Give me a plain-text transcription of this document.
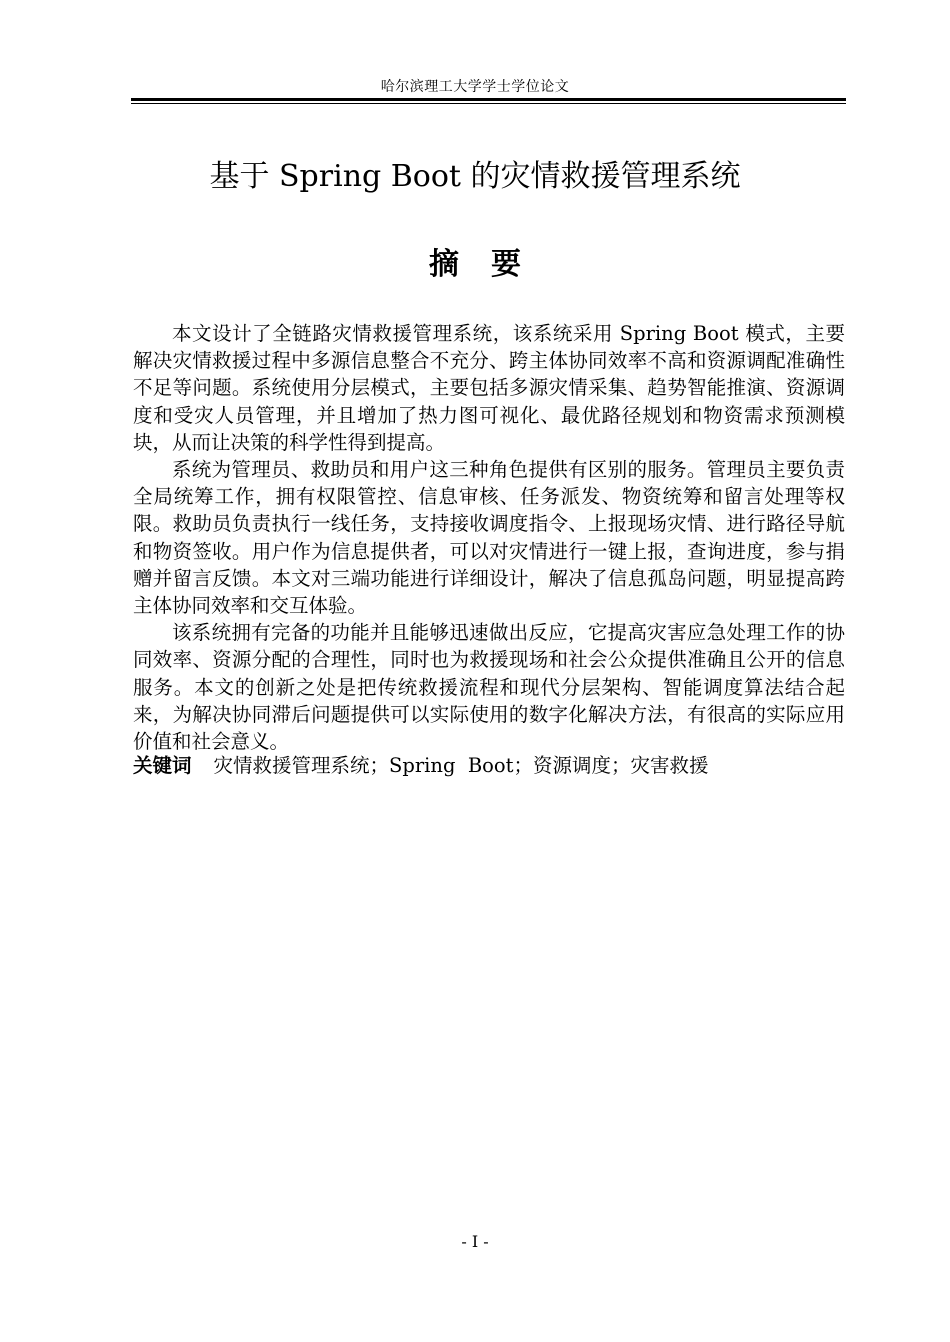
哈尔滨理工大学学士学位论文
基于 Spring Boot 的灾情救援管理系统
摘要

本文设计了全链路灾情救援管理系统，该系统采用 Spring Boot 模式，主要解决灾情救援过程中多源信息整合不充分、跨主体协同效率不高和资源调配准确性不足等问题。系统使用分层模式，主要包括多源灾情采集、趋势智能推演、资源调度和受灾人员管理，并且增加了热力图可视化、最优路径规划和物资需求预测模块，从而让决策的科学性得到提高。

系统为管理员、救助员和用户这三种角色提供有区别的服务。管理员主要负责全局统筹工作，拥有权限管控、信息审核、任务派发、物资统筹和留言处理等权限。救助员负责执行一线任务，支持接收调度指令、上报现场灾情、进行路径导航和物资签收。用户作为信息提供者，可以对灾情进行一键上报，查询进度，参与捐赠并留言反馈。本文对三端功能进行详细设计，解决了信息孤岛问题，明显提高跨主体协同效率和交互体验。

该系统拥有完备的功能并且能够迅速做出反应，它提高灾害应急处理工作的协同效率、资源分配的合理性，同时也为救援现场和社会公众提供准确且公开的信息服务。本文的创新之处是把传统救援流程和现代分层架构、智能调度算法结合起来，为解决协同滞后问题提供可以实际使用的数字化解决方法，有很高的实际应用价值和社会意义。

关键词 灾情救援管理系统；Spring  Boot；资源调度；灾害救援
- I -
